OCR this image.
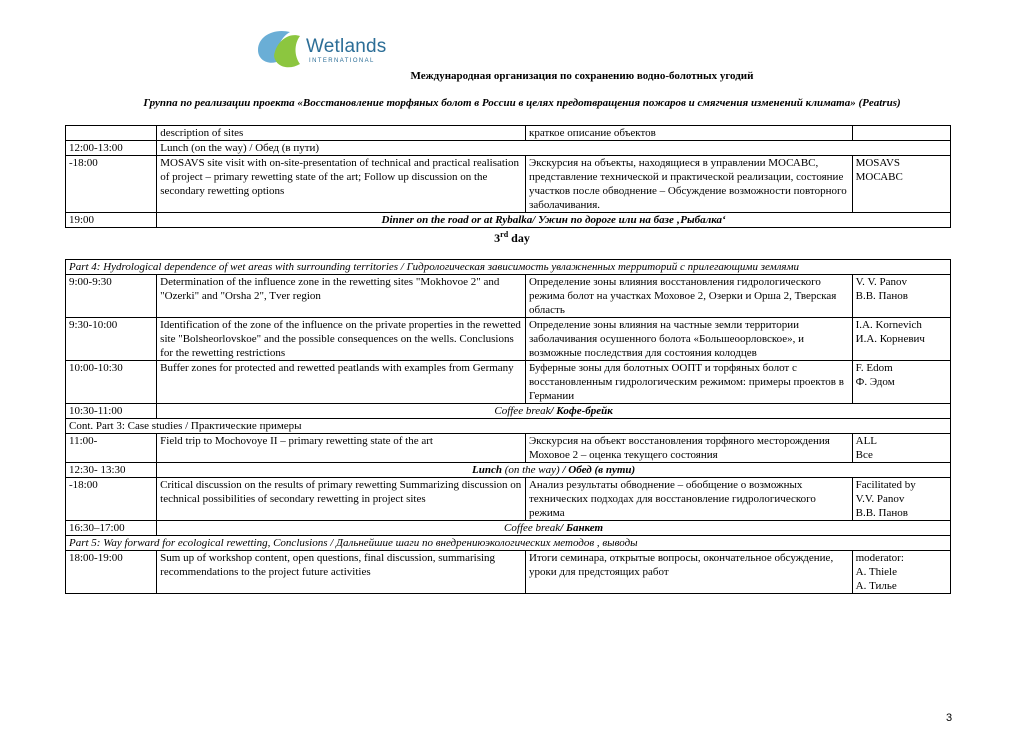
Wetlands
INTERNATIONAL
Международная организация по сохранению водно-болотных угодий
Группа по реализации проекта «Восстановление торфяных болот в России в целях предотвращения пожаров и смягчения изменений климата» (Peatrus)
	description of sites	краткое описание объектов	
12:00-13:00	Lunch (on the way) / Обед (в пути)		
-18:00	MOSAVS site visit with on-site-presentation of technical and practical realisation of project – primary rewetting state of the art; Follow up discussion on the secondary rewetting options	Экскурсия на объекты, находящиеся в управлении МОСАВС, представление технической и практической реализации, состояние участков после обводнение – Обсуждение возможности повторного заболачивания.	MOSAVS
МОСАВС

19:00	Dinner on the road or at Rybalka/ Ужин по дороге или на базе ‚Рыбалка‘		
3rd day
Part 4: Hydrological dependence of wet areas with surrounding territories / Гидрологическая зависимость увлажненных территорий с прилегающими землями			
9:00-9:30	Determination of the influence zone in the rewetting sites "Mokhovoe 2" and "Ozerki" and "Orsha 2", Tver region	Определение зоны влияния восстановления гидрологического режима болот на участках Моховое 2, Озерки и Орша 2, Тверская область	V. V. Panov
В.В. Панов

9:30-10:00	Identification of the zone of the influence on the private properties in the rewetted site "Bolsheorlovskoe" and the possible consequences on the wells. Conclusions for the rewetting restrictions	Определение зоны влияния на частные земли территории заболачивания осушенного болота «Большеоорловское», и возможные последствия для состояния колодцев	I.A. Kornevich
И.А. Корневич

10:00-10:30	Buffer zones for protected and rewetted peatlands with examples from Germany	Буферные зоны для болотных ООПТ и торфяных болот с восстановленным гидрологическим режимом: примеры проектов в Германии	F. Edom
Ф. Эдом

10:30-11:00	Coffee break/ Кофе-брейк		
Cont. Part 3: Case studies / Практические примеры			
11:00-	Field trip to Mochovoye II – primary rewetting state of the art	Экскурсия на объект восстановления торфяного месторождения Моховое 2 – оценка текущего состояния	ALL
Все

12:30- 13:30	Lunch (on the way) / Обед (в пути)		
-18:00	Critical discussion on the results of primary rewetting Summarizing discussion on technical possibilities of secondary rewetting in project sites	Анализ результаты обводнение – обобщение о возможных технических подходах для восстановление гидрологического режима	Facilitated by
V.V. Panov
В.В. Панов

16:30–17:00	Coffee break/ Банкет		
Part 5: Way forward for ecological rewetting, Conclusions / Дальнейшие шаги по внедрениюэкологических методов , выводы			
18:00-19:00	Sum up of workshop content, open questions, final discussion, summarising recommendations to the project future activities	Итоги семинара, открытые вопросы, окончательное обсуждение, уроки для предстоящих работ	moderator:
A. Thiele
А. Тилье
3
